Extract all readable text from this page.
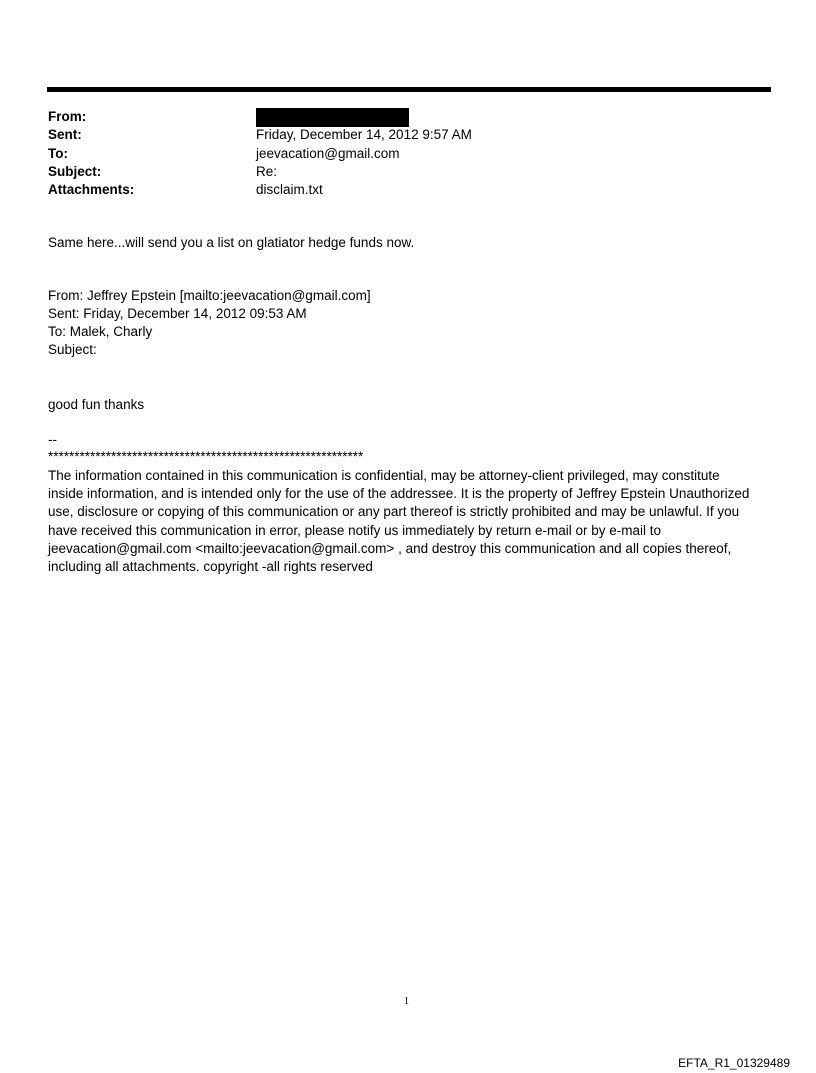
From:
Sent:	Friday, December 14, 2012 9:57 AM
To:	jeevacation@gmail.com
Subject:	Re:
Attachments:	disclaim.txt
Same here...will send you a list on glatiator hedge funds now.
From: Jeffrey Epstein [mailto:jeevacation@gmail.com]
Sent: Friday, December 14, 2012 09:53 AM
To: Malek, Charly
Subject:
good fun thanks
--
************************************************************
The information contained in this communication is confidential, may be attorney-client privileged, may constitute
inside information, and is intended only for the use of the addressee. It is the property of Jeffrey Epstein Unauthorized
use, disclosure or copying of this communication or any part thereof is strictly prohibited and may be unlawful. If you
have received this communication in error, please notify us immediately by return e-mail or by e-mail to
jeevacation@gmail.com <mailto:jeevacation@gmail.com> , and destroy this communication and all copies thereof,
including all attachments. copyright -all rights reserved
1
EFTA_R1_01329489
